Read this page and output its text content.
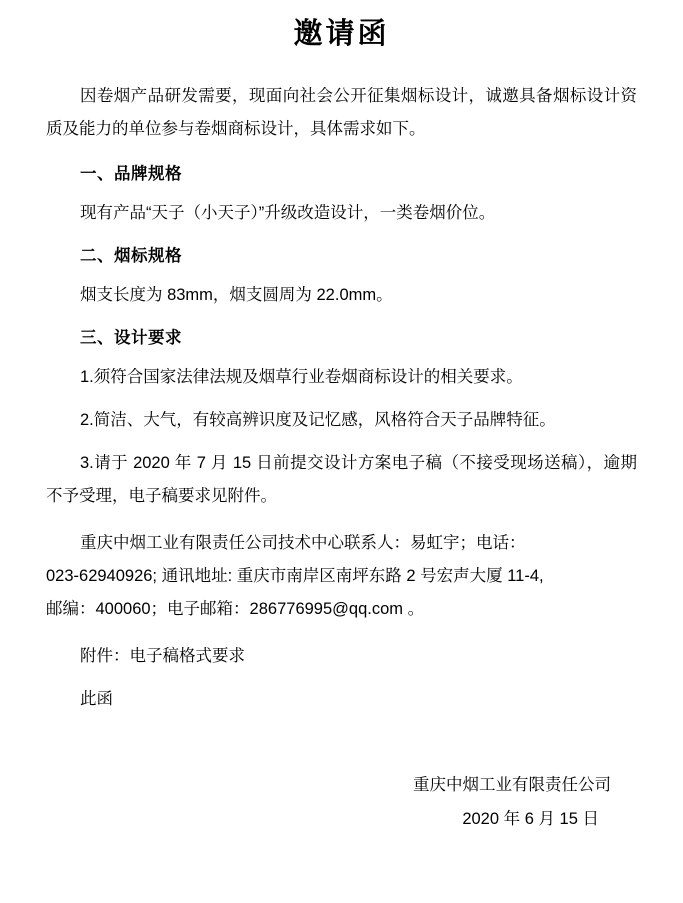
邀请函

因卷烟产品研发需要，现面向社会公开征集烟标设计，诚邀具备烟标设计资质及能力的单位参与卷烟商标设计，具体需求如下。

一、品牌规格

现有产品“天子（小天子）”升级改造设计，一类卷烟价位。

二、烟标规格

烟支长度为 83mm，烟支圆周为 22.0mm。

三、设计要求

1.须符合国家法律法规及烟草行业卷烟商标设计的相关要求。

2.简洁、大气，有较高辨识度及记忆感，风格符合天子品牌特征。

3.请于 2020 年 7 月 15 日前提交设计方案电子稿（不接受现场送稿），逾期不予受理，电子稿要求见附件。

重庆中烟工业有限责任公司技术中心联系人：易虹宇；电话：

023-62940926; 通讯地址: 重庆市南岸区南坪东路 2 号宏声大厦 11-4,

邮编：400060；电子邮箱：286776995@qq.com 。

附件：电子稿格式要求

此函

重庆中烟工业有限责任公司

2020 年 6 月 15 日
